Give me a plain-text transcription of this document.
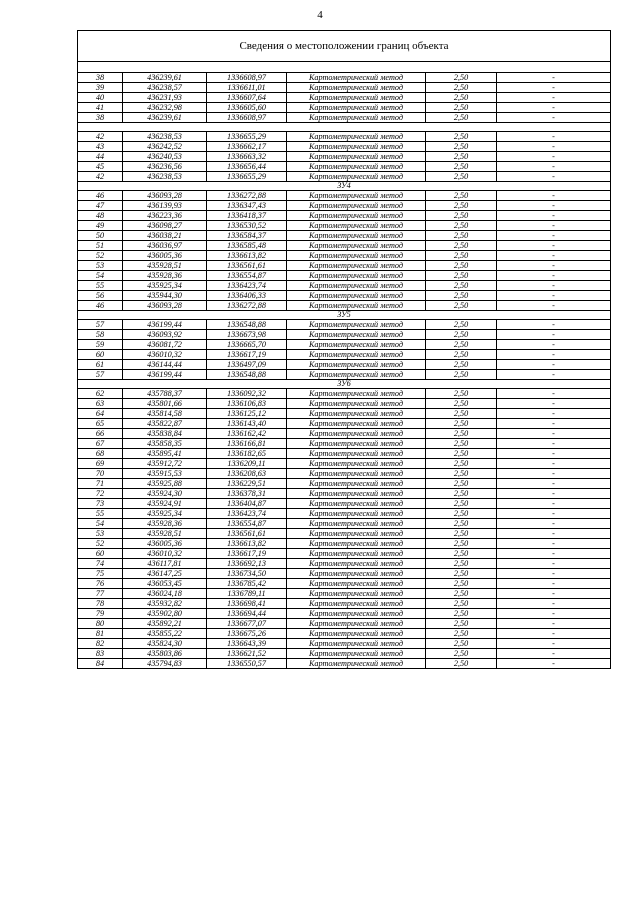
4
Сведения о местоположении границ объекта					

38	436239,61	1336608,97	Картометрический метод	2,50	-
39	436238,57	1336611,01	Картометрический метод	2,50	-
40	436231,93	1336607,64	Картометрический метод	2,50	-
41	436232,98	1336605,60	Картометрический метод	2,50	-
38	436239,61	1336608,97	Картометрический метод	2,50	-

42	436238,53	1336655,29	Картометрический метод	2,50	-
43	436242,52	1336662,17	Картометрический метод	2,50	-
44	436240,53	1336663,32	Картометрический метод	2,50	-
45	436236,56	1336656,44	Картометрический метод	2,50	-
42	436238,53	1336655,29	Картометрический метод	2,50	-
ЗУ4					
46	436093,28	1336272,88	Картометрический метод	2,50	-
47	436139,93	1336347,43	Картометрический метод	2,50	-
48	436223,36	1336418,37	Картометрический метод	2,50	-
49	436098,27	1336530,52	Картометрический метод	2,50	-
50	436038,21	1336584,37	Картометрический метод	2,50	-
51	436036,97	1336585,48	Картометрический метод	2,50	-
52	436005,36	1336613,82	Картометрический метод	2,50	-
53	435928,51	1336561,61	Картометрический метод	2,50	-
54	435928,36	1336554,87	Картометрический метод	2,50	-
55	435925,34	1336423,74	Картометрический метод	2,50	-
56	435944,30	1336406,33	Картометрический метод	2,50	-
46	436093,28	1336272,88	Картометрический метод	2,50	-
ЗУ5					
57	436199,44	1336548,88	Картометрический метод	2,50	-
58	436093,92	1336673,98	Картометрический метод	2,50	-
59	436081,72	1336665,70	Картометрический метод	2,50	-
60	436010,32	1336617,19	Картометрический метод	2,50	-
61	436144,44	1336497,09	Картометрический метод	2,50	-
57	436199,44	1336548,88	Картометрический метод	2,50	-
ЗУ6					
62	435788,37	1336092,32	Картометрический метод	2,50	-
63	435801,66	1336106,83	Картометрический метод	2,50	-
64	435814,58	1336125,12	Картометрический метод	2,50	-
65	435822,87	1336143,40	Картометрический метод	2,50	-
66	435838,84	1336162,42	Картометрический метод	2,50	-
67	435858,35	1336166,81	Картометрический метод	2,50	-
68	435895,41	1336182,65	Картометрический метод	2,50	-
69	435912,72	1336209,11	Картометрический метод	2,50	-
70	435915,53	1336208,63	Картометрический метод	2,50	-
71	435925,88	1336229,51	Картометрический метод	2,50	-
72	435924,30	1336378,31	Картометрический метод	2,50	-
73	435924,91	1336404,87	Картометрический метод	2,50	-
55	435925,34	1336423,74	Картометрический метод	2,50	-
54	435928,36	1336554,87	Картометрический метод	2,50	-
53	435928,51	1336561,61	Картометрический метод	2,50	-
52	436005,36	1336613,82	Картометрический метод	2,50	-
60	436010,32	1336617,19	Картометрический метод	2,50	-
74	436117,81	1336692,13	Картометрический метод	2,50	-
75	436147,25	1336734,50	Картометрический метод	2,50	-
76	436053,45	1336785,42	Картометрический метод	2,50	-
77	436024,18	1336789,11	Картометрический метод	2,50	-
78	435932,82	1336698,41	Картометрический метод	2,50	-
79	435902,80	1336694,44	Картометрический метод	2,50	-
80	435892,21	1336677,07	Картометрический метод	2,50	-
81	435855,22	1336675,26	Картометрический метод	2,50	-
82	435824,30	1336643,39	Картометрический метод	2,50	-
83	435803,86	1336621,52	Картометрический метод	2,50	-
84	435794,83	1336550,57	Картометрический метод	2,50	-
